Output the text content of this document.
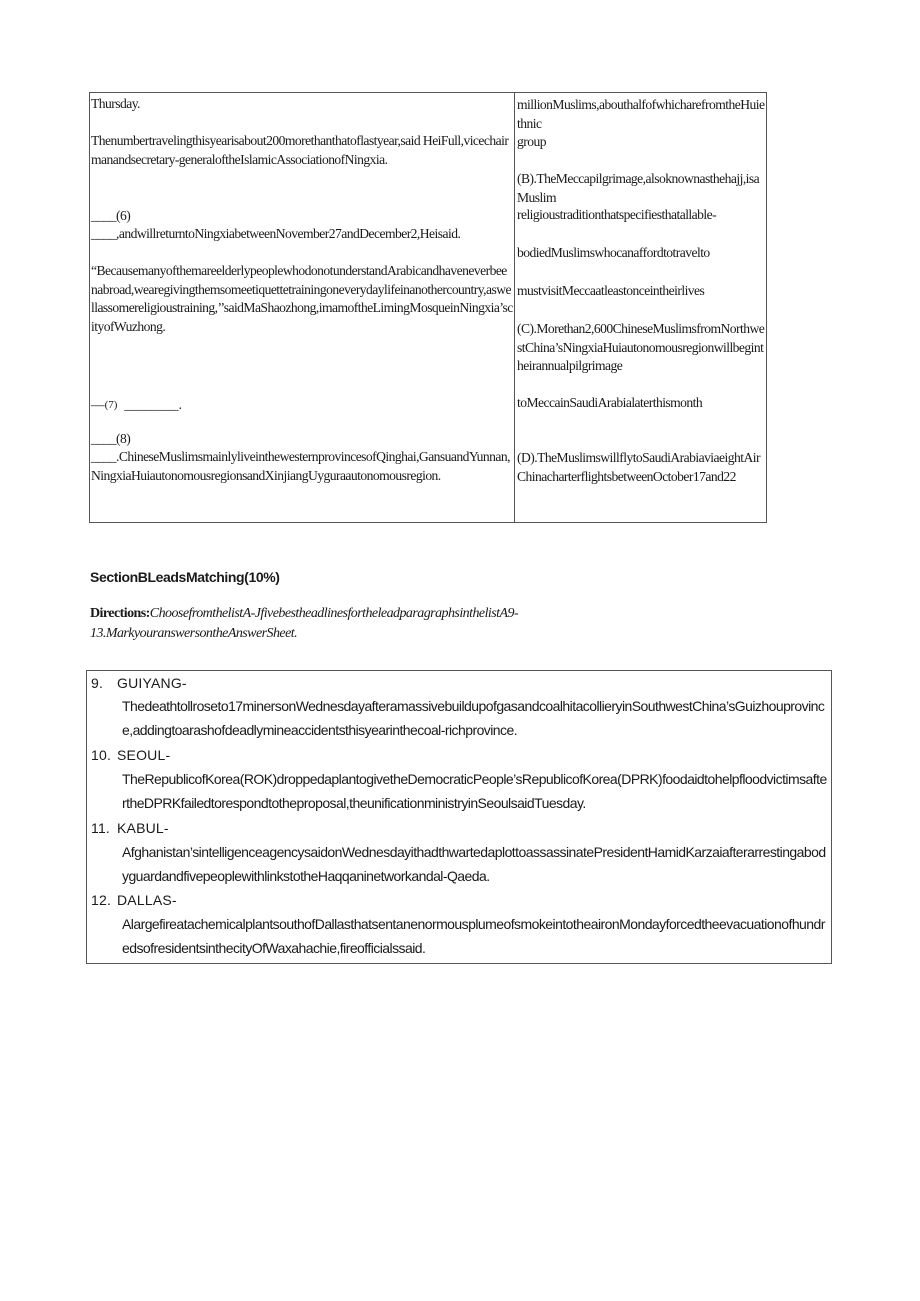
Thursday.
Thenumbertravelingthisyearisabout200morethanthatoflastyear,said HeiFull,vicechairmanandsecretary-generaloftheIslamicAssociationofNingxia.
____(6)
____,andwillreturntoNingxiabetweenNovember27andDecember2,Heisaid.
“BecausemanyofthemareelderlypeoplewhodonotunderstandArabicandhaveneverbeenabroad,wearegivingthemsomeetiquettetrainingoneverydaylifeinanothercountry,aswellassomereligioustraining,’’saidMaShaozhong,imamoftheLimingMosqueinNingxia’scityofWuzhong.
—(7) ________.
____(8)
____.ChineseMuslimsmainlyliveinthewesternprovincesofQinghai,GansuandYunnan,NingxiaHuiautonomousregionsandXinjiangUyguraautonomousregion.
millionMuslims,abouthalfofwhicharefromtheHuiethnic
group
(B).TheMeccapilgrimage,alsoknownasthehajj,isaMuslim
religioustraditionthatspecifiesthatallable-
bodiedMuslimswhocanaffordtotravelto
mustvisitMeccaatleastonceintheirlives
(C).Morethan2,600ChineseMuslimsfromNorthwestChina’sNingxiaHuiautonomousregionwillbegintheirannualpilgrimage
toMeccainSaudiArabialaterthismonth
(D).TheMuslimswillflytoSaudiArabiaviaeightAirChinacharterflightsbetweenOctober17and22
SectionBLeadsMatching(10%)
Directions:ChoosefromthelistA-JfivebestheadlinesfortheleadparagraphsinthelistA9-13.MarkyouranswersontheAnswerSheet.
9. GUIYANG-
Thedeathtollroseto17minersonWednesdayafteramassivebuildupofgasandcoalhitacollieryinSouthwestChina’sGuizhouprovince,addingtoarashofdeadlymineaccidentsthisyearinthecoal-richprovince.
10. SEOUL-
TheRepublicofKorea(ROK)droppedaplantogivetheDemocraticPeople’sRepublicofKorea(DPRK)foodaidtohelpfloodvictimsaftertheDPRKfailedtorespondtotheproposal,theunificationministryinSeoulsaidTuesday.
11. KABUL-
Afghanistan’sintelligenceagencysaidonWednesdayithadthwartedaplottoassassinatePresidentHamidKarzaiafterarrestingabodyguardandfivepeoplewithlinkstotheHaqqaninetworkandal-Qaeda.
12. DALLAS-
AlargefireatachemicalplantsouthofDallasthatsentanenormousplumeofsmokeintotheaironMondayforcedtheevacuationofhundredsofresidentsinthecityOfWaxahachie,fireofficialssaid.
